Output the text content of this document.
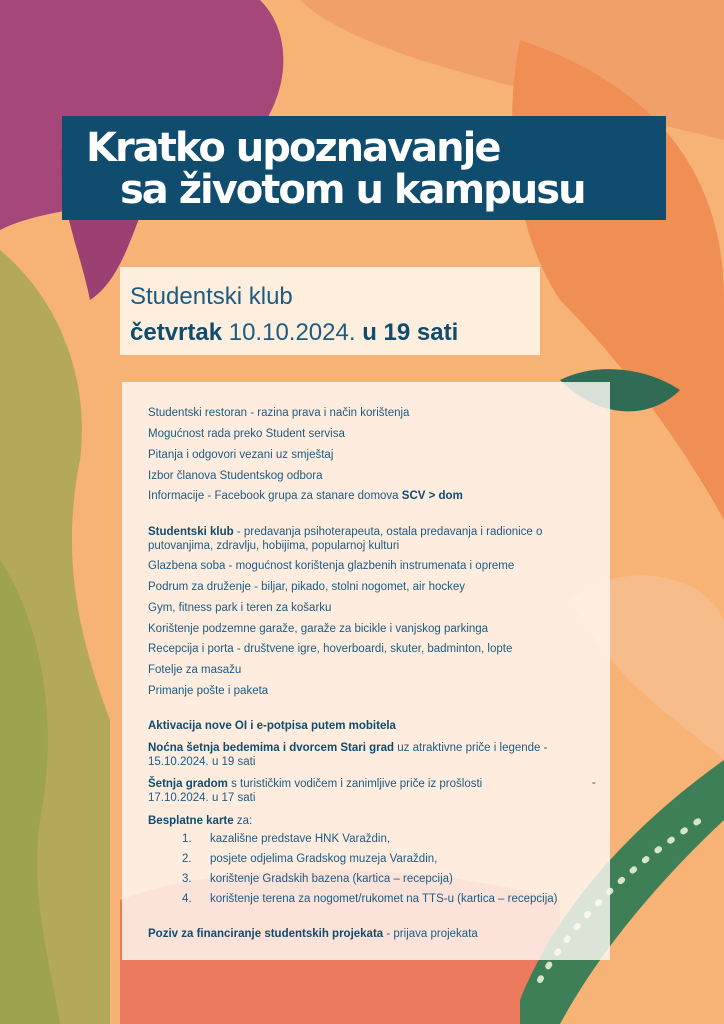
Kratko upoznavanje
sa životom u kampusu
Studentski klub
četvrtak 10.10.2024. u 19 sati
Studentski restoran - razina prava i način korištenja
Mogućnost rada preko Student servisa
Pitanja i odgovori vezani uz smještaj
Izbor članova Studentskog odbora
Informacije - Facebook grupa za stanare domova SCV > dom
Studentski klub - predavanja psihoterapeuta, ostala predavanja i radionice o putovanjima, zdravlju, hobijima, popularnoj kulturi
Glazbena soba - mogućnost korištenja glazbenih instrumenata i opreme
Podrum za druženje - biljar, pikado, stolni nogomet, air hockey
Gym, fitness park i teren za košarku
Korištenje podzemne garaže, garaže za bicikle i vanjskog parkinga
Recepcija i porta - društvene igre, hoverboardi, skuter, badminton, lopte
Fotelje za masažu
Primanje pošte i paketa
Aktivacija nove OI i e-potpisa putem mobitela
Noćna šetnja bedemima i dvorcem Stari grad uz atraktivne priče i legende - 15.10.2024. u 19 sati
Šetnja gradom s turističkim vodičem i zanimljive priče iz prošlosti	-
17.10.2024. u 17 sati
Besplatne karte za:
1. kazališne predstave HNK Varaždin,
2. posjete odjelima Gradskog muzeja Varaždin,
3. korištenje Gradskih bazena (kartica – recepcija)
4. korištenje terena za nogomet/rukomet na TTS-u (kartica – recepcija)
Poziv za financiranje studentskih projekata - prijava projekata
